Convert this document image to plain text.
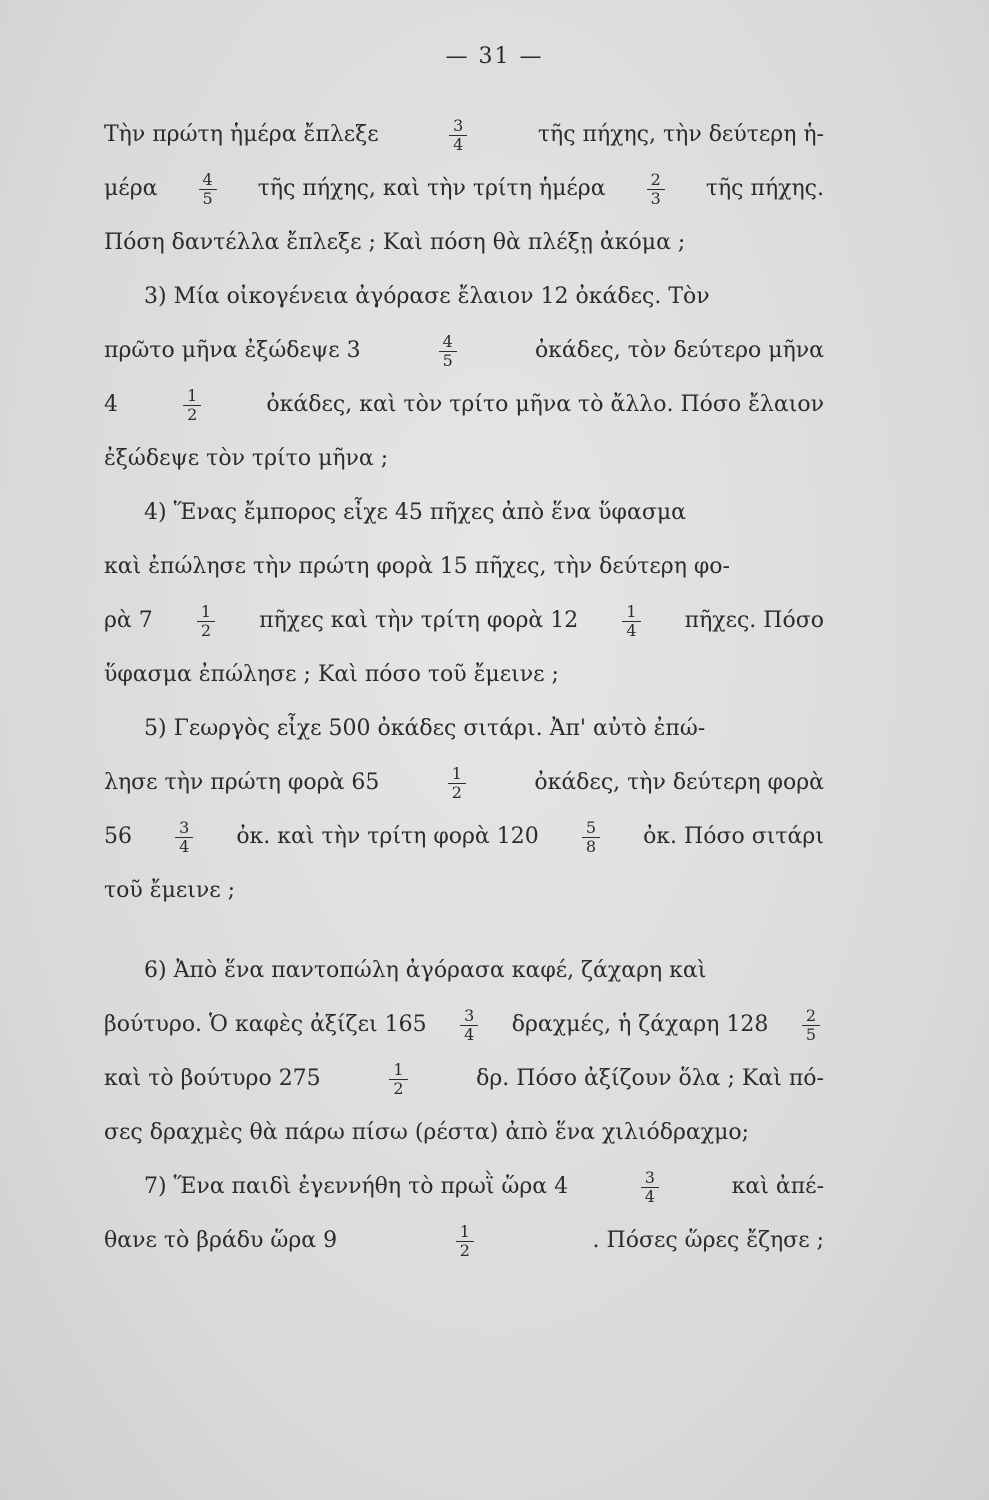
— 31 —
Τὴν πρώτη ἡμέρα ἔπλεξε	$\frac{3}{4}$	τῆς πήχης, τὴν δεύτερη ἡ-
μέρα	$\frac{4}{5}$ τῆς πήχης, καὶ τὴν τρίτη ἡμέρα	$\frac{2}{3}$ τῆς πήχης.
Πόση δαντέλλα ἔπλεξε ; Καὶ πόση θὰ πλέξῃ ἀκόμα ;
3) Μία οἰκογένεια ἀγόρασε ἔλαιον 12 ὀκάδες. Τὸν
πρῶτο μῆνα ἐξώδεψε 3	$\frac{4}{5}$	ὀκάδες, τὸν δεύτερο μῆνα
4	$\frac{1}{2}$	ὀκάδες, καὶ τὸν τρίτο μῆνα τὸ ἄλλο. Πόσο ἔλαιον
ἐξώδεψε τὸν τρίτο μῆνα ;
4) Ἕνας ἔμπορος εἶχε 45 πῆχες ἀπὸ ἕνα ὕφασμα
καὶ ἐπώλησε τὴν πρώτη φορὰ 15 πῆχες, τὴν δεύτερη φο-
ρὰ 7	$\frac{1}{2}$ πῆχες καὶ τὴν τρίτη φορὰ 12	$\frac{1}{4}$ πῆχες. Πόσο
ὕφασμα ἐπώλησε ; Καὶ πόσο τοῦ ἔμεινε ;
5) Γεωργὸς εἶχε 500 ὀκάδες σιτάρι. Ἀπ' αὐτὸ ἐπώ-
λησε τὴν πρώτη φορὰ 65	$\frac{1}{2}$	ὀκάδες, τὴν δεύτερη φορὰ
56	$\frac{3}{4}$ ὀκ. καὶ τὴν τρίτη φορὰ 120	$\frac{5}{8}$ ὀκ. Πόσο σιτάρι
τοῦ ἔμεινε ;
6) Ἀπὸ ἕνα παντοπώλη ἀγόρασα καφέ, ζάχαρη καὶ
βούτυρο. Ὁ καφὲς ἀξίζει $165 \frac{3}{4} \delta\rho\alpha\chi\mu έ\varsigma$, ἡ ζάχαρη $128 \frac{2}{5}$
καὶ τὸ βούτυρο 275	$\frac{1}{2}$	δρ. Πόσο ἀξίζουν ὅλα ; Καὶ πό-
σες δραχμὲς θὰ πάρω πίσω (ρέστα) ἀπὸ ἕνα χιλιόδραχμο;
7) Ἕνα παιδὶ ἐγεννήθη τὸ πρωῒ ὥρα 4	$\frac{3}{4}$	καὶ ἀπέ-
θανε τὸ βράδυ ὥρα 9	$\frac{1}{2}$	. Πόσες ὥρες ἔζησε ;
